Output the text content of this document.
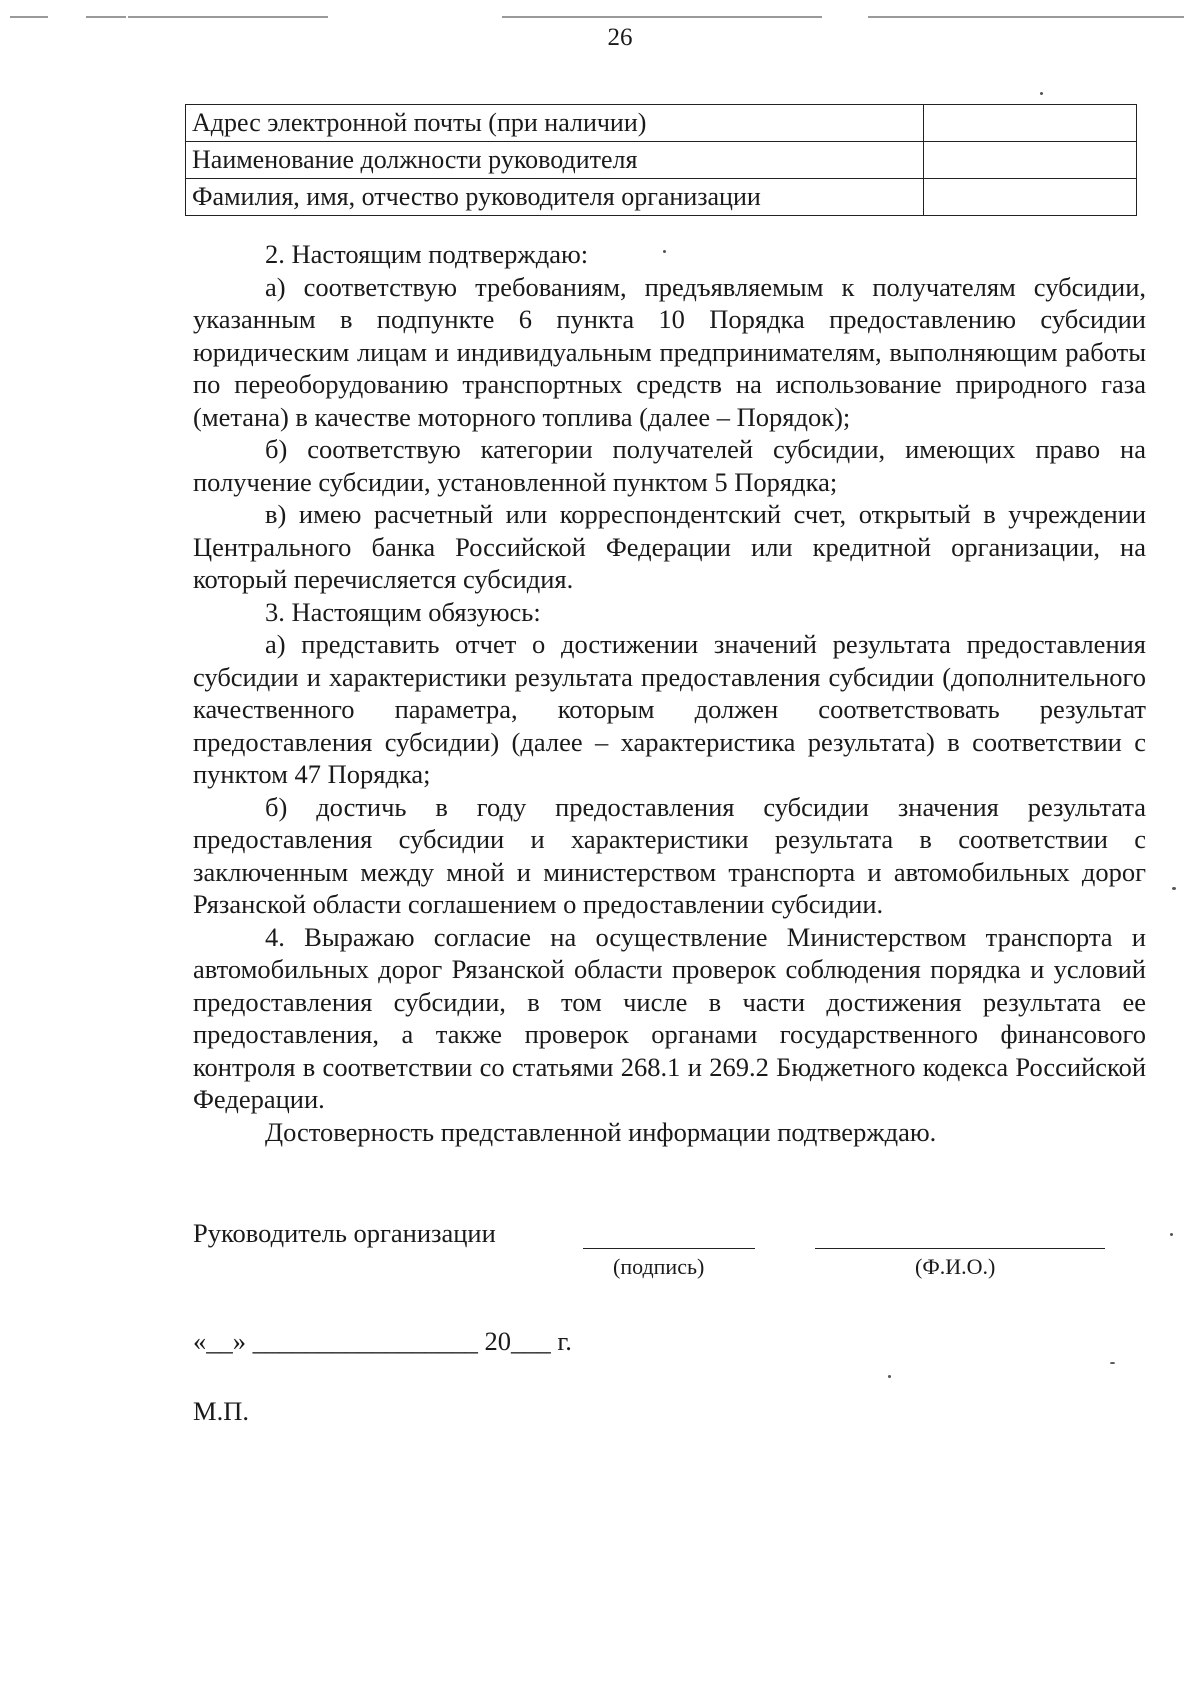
26
Адрес электронной почты (при наличии)	
Наименование должности руководителя	
Фамилия, имя, отчество руководителя организации	

2. Настоящим подтверждаю:

а) соответствую требованиям, предъявляемым к получателям субсидии, указанным в подпункте 6 пункта 10 Порядка предоставлению субсидии юридическим лицам и индивидуальным предпринимателям, выполняющим работы по переоборудованию транспортных средств на использование природного газа (метана) в качестве моторного топлива (далее – Порядок);

б) соответствую категории получателей субсидии, имеющих право на получение субсидии, установленной пунктом 5 Порядка;

в) имею расчетный или корреспондентский счет, открытый в учреждении Центрального банка Российской Федерации или кредитной организации, на который перечисляется субсидия.

3. Настоящим обязуюсь:

а) представить отчет о достижении значений результата предоставления субсидии и характеристики результата предоставления субсидии (дополнительного качественного параметра, которым должен соответствовать результат предоставления субсидии) (далее – характеристика результата) в соответствии с пунктом 47 Порядка;

б) достичь в году предоставления субсидии значения результата предоставления субсидии и характеристики результата в соответствии с заключенным между мной и министерством транспорта и автомобильных дорог Рязанской области соглашением о предоставлении субсидии.

4. Выражаю согласие на осуществление Министерством транспорта и автомобильных дорог Рязанской области проверок соблюдения порядка и условий предоставления субсидии, в том числе в части достижения результата ее предоставления, а также проверок органами государственного финансового контроля в соответствии со статьями 268.1 и 269.2 Бюджетного кодекса Российской Федерации.

Достоверность представленной информации подтверждаю.

Руководитель организации
(подпись)	(Ф.И.О.)
«__» _________________ 20___ г.
М.П.
